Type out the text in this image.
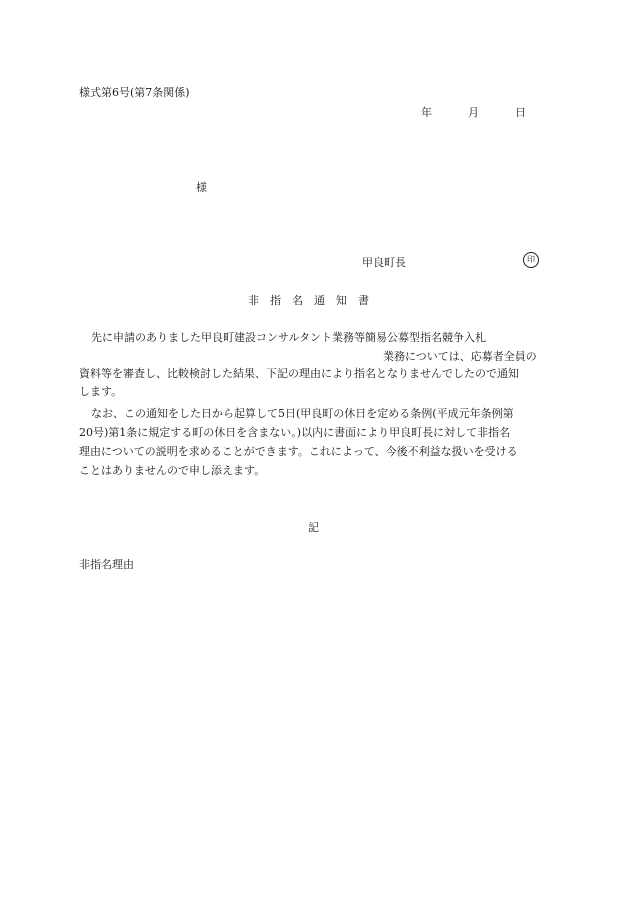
様式第6号(第7条関係)
年	月	日
様
甲良町長	印
非　指　名　通　知　書
先に申請のありました甲良町建設コンサルタント業務等簡易公募型指名競争入札
業務については、応募者全員の
資料等を審査し、比較検討した結果、下記の理由により指名となりませんでしたので通知
します。
なお、この通知をした日から起算して5日(甲良町の休日を定める条例(平成元年条例第
20号)第1条に規定する町の休日を含まない。)以内に書面により甲良町長に対して非指名
理由についての説明を求めることができます。これによって、今後不利益な扱いを受ける
ことはありませんので申し添えます。
記
非指名理由
